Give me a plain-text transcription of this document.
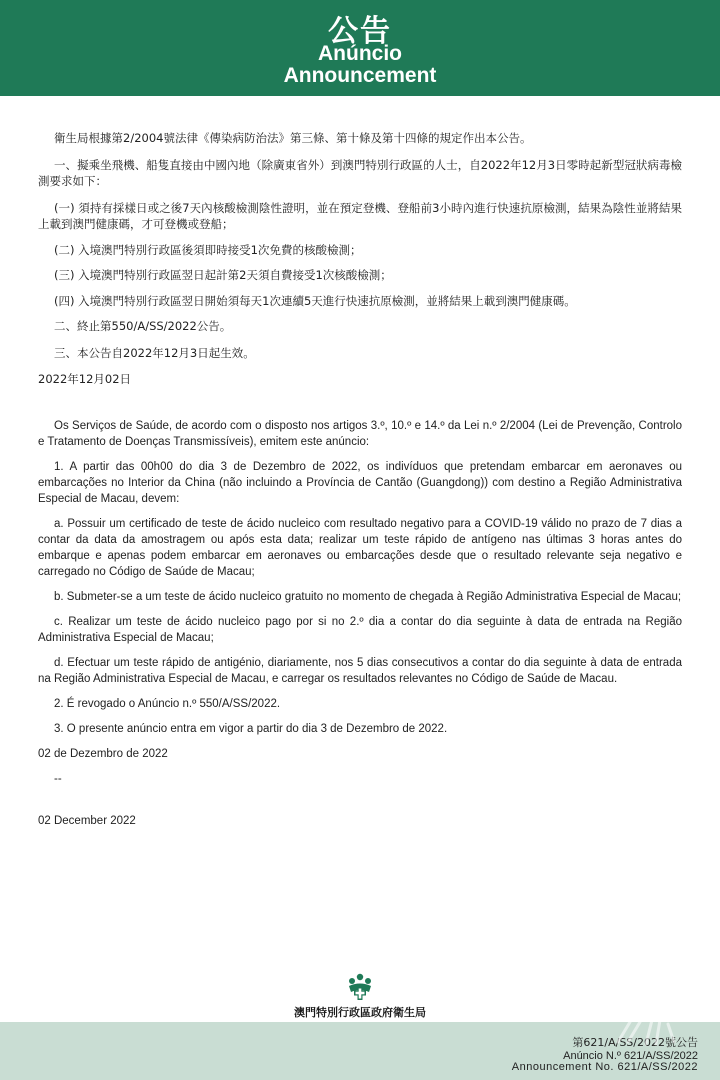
公告
Anúncio
Announcement

衛生局根據第2/2004號法律《傳染病防治法》第三條、第十條及第十四條的規定作出本公告。

一、擬乘坐飛機、船隻直接由中國內地（除廣東省外）到澳門特別行政區的人士，自2022年12月3日零時起新型冠狀病毒檢測要求如下：

(一) 須持有採樣日或之後7天內核酸檢測陰性證明，並在預定登機、登船前3小時內進行快速抗原檢測，結果為陰性並將結果上載到澳門健康碼，才可登機或登船；

(二) 入境澳門特別行政區後須即時接受1次免費的核酸檢測；

(三) 入境澳門特別行政區翌日起計第2天須自費接受1次核酸檢測；

(四) 入境澳門特別行政區翌日開始須每天1次連續5天進行快速抗原檢測，並將結果上載到澳門健康碼。

二、終止第550/A/SS/2022公告。

三、本公告自2022年12月3日起生效。

2022年12月02日

Os Serviços de Saúde, de acordo com o disposto nos artigos 3.º, 10.º e 14.º da Lei n.º 2/2004 (Lei de Prevenção, Controlo e Tratamento de Doenças Transmissíveis), emitem este anúncio:

1. A partir das 00h00 do dia 3 de Dezembro de 2022, os indivíduos que pretendam embarcar em aeronaves ou embarcações no Interior da China (não incluindo a Província de Cantão (Guangdong)) com destino a Região Administrativa Especial de Macau, devem:

a. Possuir um certificado de teste de ácido nucleico com resultado negativo para a COVID-19 válido no prazo de 7 dias a contar da data da amostragem ou após esta data; realizar um teste rápido de antígeno nas últimas 3 horas antes do embarque e apenas podem embarcar em aeronaves ou embarcações desde que o resultado relevante seja negativo e carregado no Código de Saúde de Macau;

b. Submeter-se a um teste de ácido nucleico gratuito no momento de chegada à Região Administrativa Especial de Macau;

c. Realizar um teste de ácido nucleico pago por si no 2.º dia a contar do dia seguinte à data de entrada na Região Administrativa Especial de Macau;

d. Efectuar um teste rápido de antigénio, diariamente, nos 5 dias consecutivos a contar do dia seguinte à data de entrada na Região Administrativa Especial de Macau, e carregar os resultados relevantes no Código de Saúde de Macau.

2. É revogado o Anúncio n.º 550/A/SS/2022.

3. O presente anúncio entra em vigor a partir do dia 3 de Dezembro de 2022.

02 de Dezembro de 2022

--

02 December 2022

澳門特別行政區政府衛生局
第621/A/SS/2022號公告
Anúncio N.º 621/A/SS/2022
Announcement No. 621/A/SS/2022
